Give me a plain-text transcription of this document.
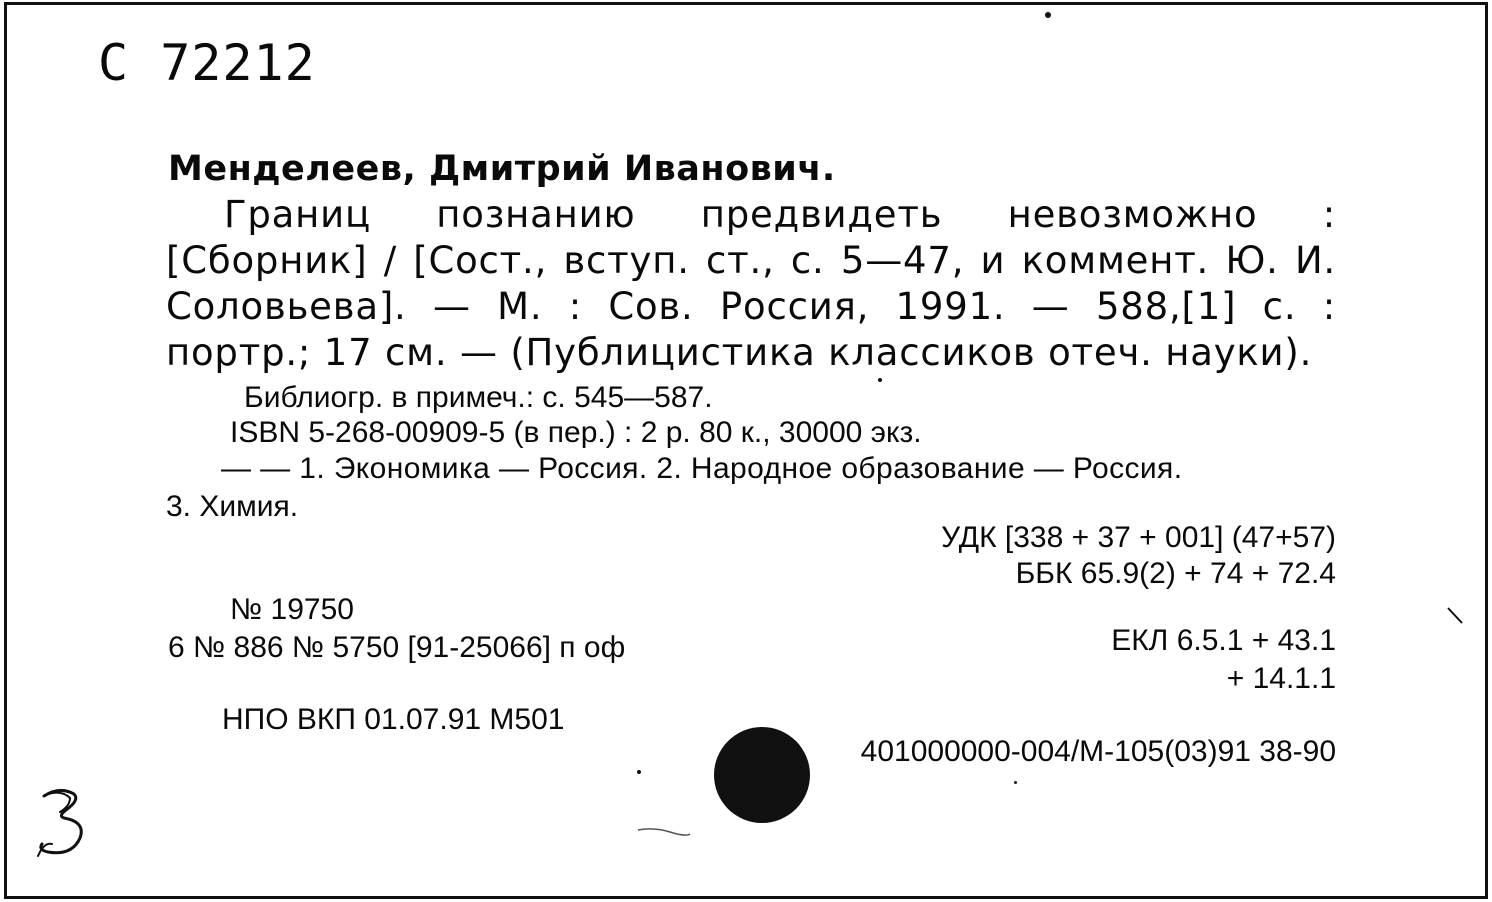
С 72212
Менделеев, Дмитрий Иванович.
Границ познанию предвидеть невозможно : [Сборник] / [Сост., вступ. ст., с. 5—47, и коммент. Ю. И. Соловьева]. — М. : Сов. Россия, 1991. — 588,[1] с. : портр.; 17 см. — (Публицистика классиков отеч. науки).
Библиогр. в примеч.: с. 545—587.
ISBN 5-268-00909-5 (в пер.) : 2 р. 80 к., 30000 экз.
— — 1. Экономика — Россия. 2. Народное образование — Россия.
3. Химия.
УДК [338 + 37 + 001] (47+57)
ББК 65.9(2) + 74 + 72.4
№ 19750
6 № 886 № 5750 [91-25066] п оф	ЕКЛ 6.5.1 + 43.1
+ 14.1.1
НПО ВКП 01.07.91 М501
401000000-004/М-105(03)91 38-90
